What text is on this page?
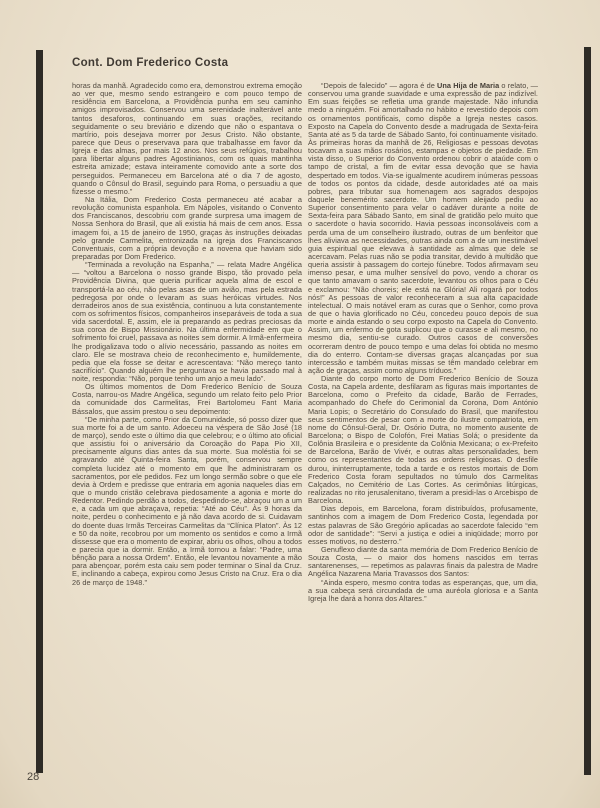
Cont. Dom Frederico Costa

horas da manhã. Agradecido como era, demonstrou extrema emoção ao ver que, mesmo sendo estrangeiro e com pouco tempo de residência em Barcelona, a Providência punha em seu caminho amigos improvisados. Conservou uma serenidade inalterável ante tantos desaforos, continuando em suas orações, recitando seguidamente o seu breviário e dizendo que não o espantava o martírio, pois desejava morrer por Jesus Cristo. Não obstante, parece que Deus o preservava para que trabalhasse em favor da Igreja e das almas, por mais 12 anos. Nos seus refúgios, trabalhou para libertar alguns padres Agostinianos, com os quais mantinha estreita amizade; estava inteiramente comovido ante a sorte dos perseguidos. Permaneceu em Barcelona até o dia 7 de agosto, quando o Cônsul do Brasil, seguindo para Roma, o persuadiu a que fizesse o mesmo.”

Na Itália, Dom Frederico Costa permaneceu até acabar a revolução comunista espanhola. Em Nápoles, visitando o Convento dos Franciscanos, descobriu com grande surpresa uma imagem de Nossa Senhora do Brasil, que ali existia há mais de cem anos. Essa imagem foi, a 15 de janeiro de 1950, graças às instruções deixadas pelo grande Carmelita, entronizada na igreja dos Franciscanos Conventuais, com a própria devoção e a novena que haviam sido preparadas por Dom Frederico.

“Terminada a revolução na Espanha,” — relata Madre Angélica — “voltou a Barcelona o nosso grande Bispo, tão provado pela Providência Divina, que queria purificar aquela alma de escol e transportá-la ao céu, não pelas asas de um avião, mas pela estrada pedregosa por onde o levaram as suas heróicas virtudes. Nos derradeiros anos de sua existência, continuou a luta constantemente com os sofrimentos físicos, companheiros inseparáveis de toda a sua vida sacerdotal. E, assim, ele ia preparando as pedras preciosas da sua coroa de Bispo Missionário. Na última enfermidade em que o sofrimento foi cruel, passava as noites sem dormir. A Irmã-enfermeira lhe prodigalizava todo o alívio necessário, passando as noites em claro. Ele se mostrava cheio de reconhecimento e, humildemente, pedia que ela fosse se deitar e acrescentava: “Não mereço tanto sacrifício”. Quando alguém lhe perguntava se havia passado mal à noite, respondia: “Não, porque tenho um anjo a meu lado”.

Os últimos momentos de Dom Frederico Benício de Souza Costa, narrou-os Madre Angélica, segundo um relato feito pelo Prior da comunidade dos Carmelitas, Frei Bartolomeu Fant Maria Bássalos, que assim prestou o seu depoimento:

“De minha parte, como Prior da Comunidade, só posso dizer que sua morte foi a de um santo. Adoeceu na véspera de São José (18 de março), sendo este o último dia que celebrou; e o último ato oficial que assistiu foi o aniversário da Coroação do Papa Pio XII, precisamente alguns dias antes da sua morte. Sua moléstia foi se agravando até Quinta-feira Santa, porém, conservou sempre completa lucidez até o momento em que lhe administraram os sacramentos, por ele pedidos. Fez um longo sermão sobre o que ele devia à Ordem e predisse que entraria em agonia naqueles dias em que o mundo cristão celebrava piedosamente a agonia e morte do Redentor. Pedindo perdão a todos, despedindo-se, abraçou um a um e, a cada um que abraçava, repetia: “Até ao Céu”. Às 9 horas da noite, perdeu o conhecimento e já não dava acordo de si. Cuidavam do doente duas Irmãs Terceiras Carmelitas da “Clínica Platon”. Às 12 e 50 da noite, recobrou por um momento os sentidos e como a Irmã dissesse que era o momento de expirar, abriu os olhos, olhou a todos e parecia que ia dormir. Então, a Irmã tornou a falar: “Padre, uma bênção para a nossa Ordem”. Então, ele levantou novamente a mão para abençoar, porém esta caiu sem poder terminar o Sinal da Cruz. E, inclinando a cabeça, expirou como Jesus Cristo na Cruz. Era o dia 26 de março de 1948.”

“Depois de falecido” — agora é de Una Hija de Maria o relato, — conservou uma grande suavidade e uma expressão de paz indizível. Em suas feições se refletia uma grande majestade. Não infundia medo a ninguém. Foi amortalhado no hábito e revestido depois com os ornamentos pontificais, como dispõe a Igreja nestes casos. Exposto na Capela do Convento desde a madrugada de Sexta-feira Santa até as 5 da tarde de Sábado Santo, foi continuamente visitado. Às primeiras horas da manhã de 26, Religiosas e pessoas devotas tocavam a suas mãos rosários, estampas e objetos de piedade. Em vista disso, o Superior do Convento ordenou cobrir o ataúde com o tampo de cristal, a fim de evitar essa devoção que se havia despertado em todos. Via-se igualmente acudirem inúmeras pessoas de todos os pontos da cidade, desde autoridades até oa mais pobres, para tributar sua homenagem aos sagrados despojos daquele benemérito sacerdote. Um homem aleijado pediu ao Superior consentimento para velar o cadáver durante a noite de Sexta-feira para Sábado Santo, em sinal de gratidão pelo muito que o sacerdote o havia socorrido. Havia pessoas inconsoláveis com a perda uma de um conselheiro ilustrado, outras de um benfeitor que lhes aliviava as necessidades, outras ainda com a de um inestimável guia espiritual que elevava à santidade as almas que dele se acercavam. Pelas ruas não se podia transitar, devido à multidão que queria assistir à passagem do cortejo fúnebre. Todos afirmavam seu imenso pesar, e uma mulher sensível do povo, vendo a chorar os que tanto amavam o santo sacerdote, levantou os olhos para o Céu e exclamou: “Não choreis; ele está na Glória! Ali rogará por todos nós!” As pessoas de valor reconheceram a sua alta capacidade intelectual. O mais notável eram as curas que o Senhor, como prova de que o havia glorificado no Céu, concedeu pouco depois de sua morte e ainda estando o seu corpo exposto na Capela do Convento. Assim, um enfermo de gota suplicou que o curasse e ali mesmo, no mesmo dia, sentiu-se curado. Outros casos de conversões ocorreram dentro de pouco tempo e uma delas foi obtida no mesmo dia do enterro. Contam-se diversas graças alcançadas por sua intercessão e também muitas missas se têm mandado celebrar em ação de graças, assim como alguns tríduos.”

Diante do corpo morto de Dom Frederico Benício de Souza Costa, na Capela ardente, desfilaram as figuras mais importantes de Barcelona, como o Prefeito da cidade, Barão de Ferrades, acompanhado do Chefe do Cerimonial da Corona, Dom António Maria Lopis; o Secretário do Consulado do Brasil, que manifestou seus sentimentos de pesar com a morte do ilustre compatriota, em nome do Cônsul-Geral, Dr. Osório Dutra, no momento ausente de Barcelona; o Bispo de Colofón, Frei Matias Solá; o presidente da Colônia Brasileira e o presidente da Colônia Mexicana; o ex-Prefeito de Barcelona, Barão de Vivér, e outras altas personalidades, bem como os representantes de todas as ordens religiosas. O desfile durou, ininterruptamente, toda a tarde e os restos mortais de Dom Frederico Costa foram sepultados no túmulo dos Carmelitas Calçados, no Cemitério de Las Cortes. As cerimônias litúrgicas, realizadas no rito jerusalenitano, tiveram a presidi-las o Arcebispo de Barcelona.

Dias depois, em Barcelona, foram distribuídos, profusamente, santinhos com a imagem de Dom Frederico Costa, legendada por estas palavras de São Gregório aplicadas ao sacerdote falecido “em odor de santidade”: “Servi a justiça e odiei a iniqüidade; morro por esses motivos, no desterro.”

Genuflexo diante da santa memória de Dom Frederico Benício de Souza Costa, — o maior dos homens nascidos em terras santarenenses, — repetimos as palavras finais da palestra de Madre Angélica Nazarena Maria Travassos dos Santos:

“Ainda espero, mesmo contra todas as esperanças, que, um dia, a sua cabeça será circundada de uma auréola gloriosa e a Santa Igreja lhe dará a honra dos Altares.”

28
